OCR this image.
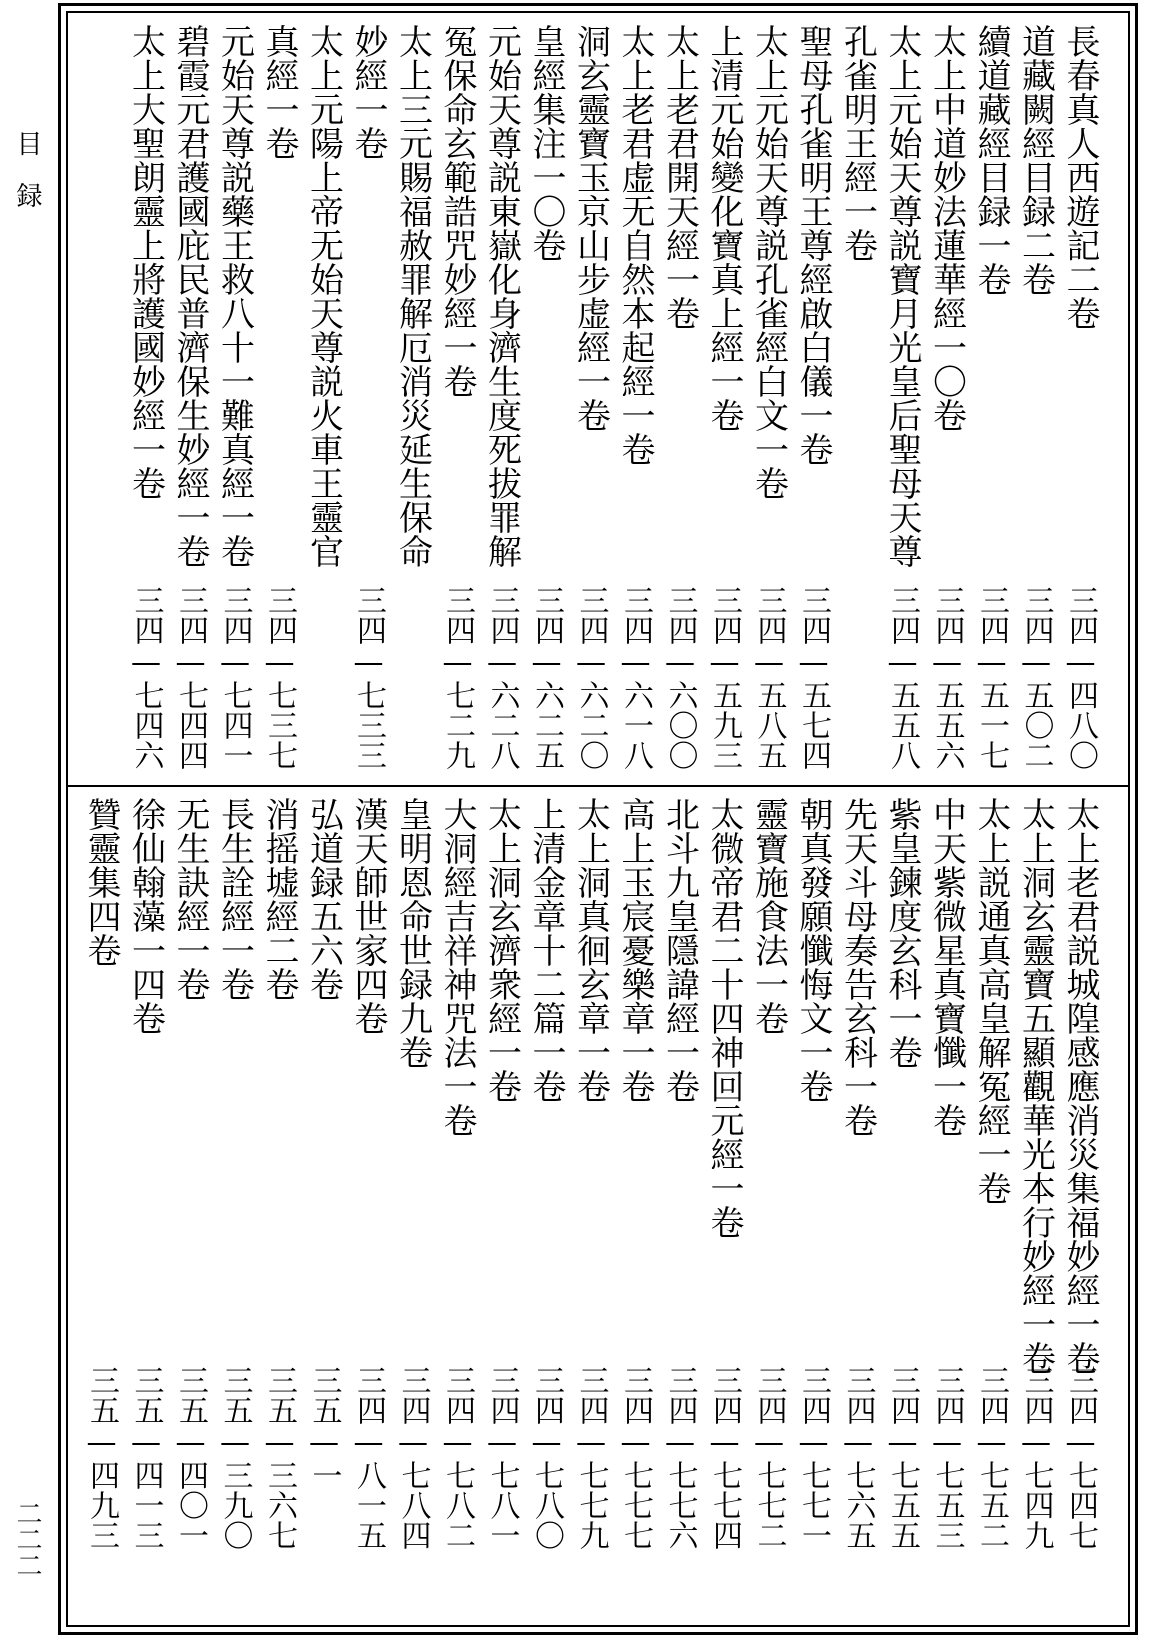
目　録
二二二
長春真人西遊記二卷
三四—四八〇
道藏闕經目録二卷
三四—五〇二
續道藏經目録一卷
三四—五一七
太上中道妙法蓮華經一〇卷
三四—五五六
太上元始天尊説寶月光皇后聖母天尊
三四—五五八
孔雀明王經一卷
聖母孔雀明王尊經啟白儀一卷
三四—五七四
太上元始天尊説孔雀經白文一卷
三四—五八五
上清元始變化寶真上經一卷
三四—五九三
太上老君開天經一卷
三四—六〇〇
太上老君虚无自然本起經一卷
三四—六一八
洞玄靈寶玉京山步虚經一卷
三四—六二〇
皇經集注一〇卷
三四—六二五
元始天尊説東嶽化身濟生度死拔罪解
三四—六二八
冤保命玄範誥咒妙經一卷
三四—七二九
太上三元賜福赦罪解厄消災延生保命
妙經一卷
三四—七三三
太上元陽上帝无始天尊説火車王靈官
真經一卷
三四—七三七
元始天尊説藥王救八十一難真經一卷
三四—七四一
碧霞元君護國庇民普濟保生妙經一卷
三四—七四四
太上大聖朗靈上將護國妙經一卷
三四—七四六
太上老君説城隍感應消災集福妙經一卷
三四—七四七
太上洞玄靈寶五顯觀華光本行妙經一卷
三四—七四九
太上説通真高皇解冤經一卷
三四—七五二
中天紫微星真寶懺一卷
三四—七五三
紫皇鍊度玄科一卷
三四—七五五
先天斗母奏告玄科一卷
三四—七六五
朝真發願懺悔文一卷
三四—七七一
靈寶施食法一卷
三四—七七二
太微帝君二十四神回元經一卷
三四—七七四
北斗九皇隱諱經一卷
三四—七七六
高上玉宸憂樂章一卷
三四—七七七
太上洞真徊玄章一卷
三四—七七九
上清金章十二篇一卷
三四—七八〇
太上洞玄濟衆經一卷
三四—七八一
大洞經吉祥神咒法一卷
三四—七八二
皇明恩命世録九卷
三四—七八四
漢天師世家四卷
三四—八一五
弘道録五六卷
三五—一
消摇墟經二卷
三五—三六七
長生詮經一卷
三五—三九〇
无生訣經一卷
三五—四〇一
徐仙翰藻一四卷
三五—四一三
贊靈集四卷
三五—四九三
